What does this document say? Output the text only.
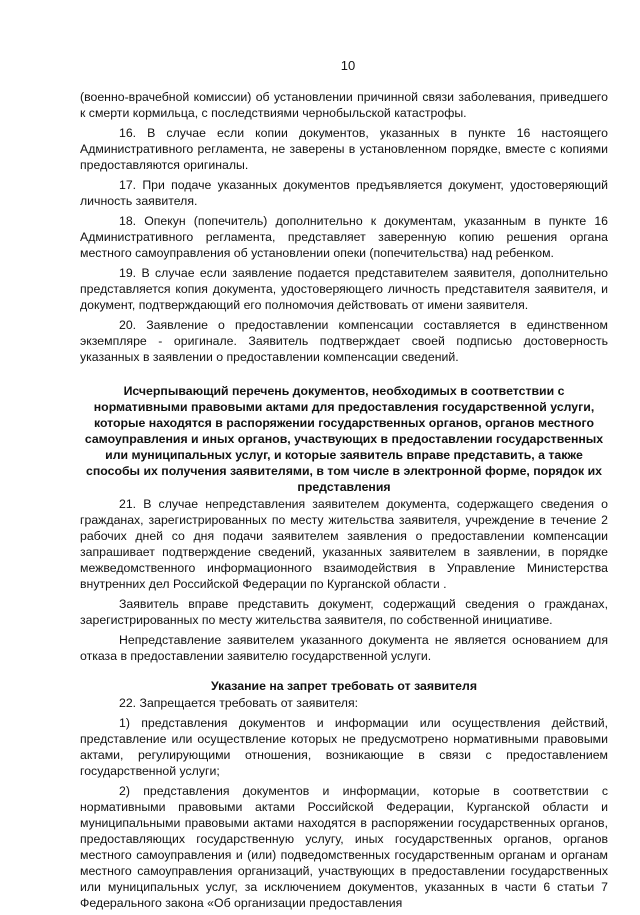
10

(военно-врачебной комиссии) об установлении причинной связи заболевания, приведшего к смерти кормильца, с последствиями чернобыльской катастрофы.

16. В случае если копии документов, указанных в пункте 16 настоящего Административного регламента, не заверены в установленном порядке, вместе с копиями предоставляются оригиналы.

17. При подаче указанных документов предъявляется документ, удостоверяющий личность заявителя.

18. Опекун (попечитель) дополнительно к документам, указанным в пункте 16 Административного регламента, представляет заверенную копию решения органа местного самоуправления об установлении опеки (попечительства) над ребенком.

19. В случае если заявление подается представителем заявителя, дополнительно представляется копия документа, удостоверяющего личность представителя заявителя, и документ, подтверждающий его полномочия действовать от имени заявителя.

20. Заявление о предоставлении компенсации составляется в единственном экземпляре - оригинале. Заявитель подтверждает своей подписью достоверность указанных в заявлении о предоставлении компенсации сведений.

Исчерпывающий перечень документов, необходимых в соответствии с нормативными правовыми актами для предоставления государственной услуги, которые находятся в распоряжении государственных органов, органов местного самоуправления и иных органов, участвующих в предоставлении государственных или муниципальных услуг, и которые заявитель вправе представить, а также способы их получения заявителями, в том числе в электронной форме, порядок их представления

21. В случае непредставления заявителем документа, содержащего сведения о гражданах, зарегистрированных по месту жительства заявителя, учреждение в течение 2 рабочих дней со дня подачи заявителем заявления о предоставлении компенсации запрашивает подтверждение сведений, указанных заявителем в заявлении, в порядке межведомственного информационного взаимодействия в Управление Министерства внутренних дел Российской Федерации по Курганской области .

Заявитель вправе представить документ, содержащий сведения о гражданах, зарегистрированных по месту жительства заявителя, по собственной инициативе.

Непредставление заявителем указанного документа не является основанием для отказа в предоставлении заявителю государственной услуги.

Указание на запрет требовать от заявителя

22. Запрещается требовать от заявителя:

1) представления документов и информации или осуществления действий, представление или осуществление которых не предусмотрено нормативными правовыми актами, регулирующими отношения, возникающие в связи с предоставлением государственной услуги;

2) представления документов и информации, которые в соответствии с нормативными правовыми актами Российской Федерации, Курганской области и муниципальными правовыми актами находятся в распоряжении государственных органов, предоставляющих государственную услугу, иных государственных органов, органов местного самоуправления и (или) подведомственных государственным органам и органам местного самоуправления организаций, участвующих в предоставлении государственных или муниципальных услуг, за исключением документов, указанных в части 6 статьи 7 Федерального закона «Об организации предоставления
